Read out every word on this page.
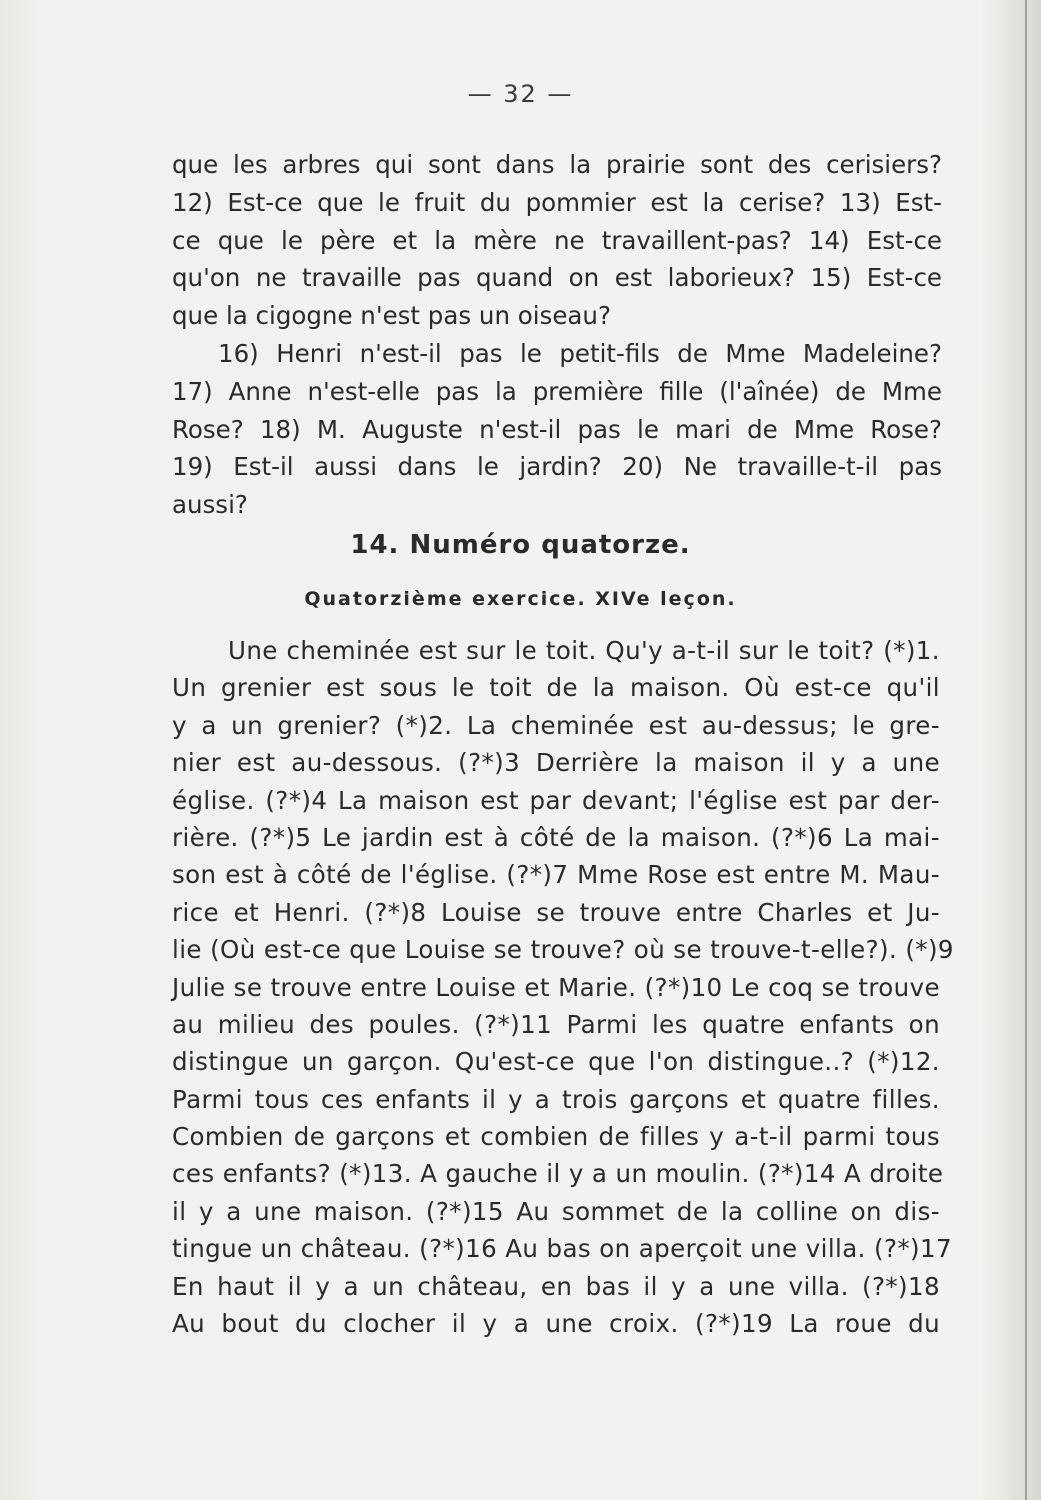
— 32 —
que les arbres qui sont dans la prairie sont des cerisiers?
12) Est-ce que le fruit du pommier est la cerise? 13) Est-
ce que le père et la mère ne travaillent-pas? 14) Est-ce
qu'on ne travaille pas quand on est laborieux? 15) Est-ce
que la cigogne n'est pas un oiseau?
16) Henri n'est-il pas le petit-fils de Mme Madeleine?
17) Anne n'est-elle pas la première fille (l'aînée) de Mme
Rose? 18) M. Auguste n'est-il pas le mari de Mme Rose?
19) Est-il aussi dans le jardin? 20) Ne travaille-t-il pas
aussi?
14. Numéro quatorze.
Quatorzième exercice. XIVe leçon.
Une cheminée est sur le toit. Qu'y a-t-il sur le toit? (*)1.
Un grenier est sous le toit de la maison. Où est-ce qu'il
y a un grenier? (*)2. La cheminée est au-dessus; le gre-
nier est au-dessous. (?*)3 Derrière la maison il y a une
église. (?*)4 La maison est par devant; l'église est par der-
rière. (?*)5 Le jardin est à côté de la maison. (?*)6 La mai-
son est à côté de l'église. (?*)7 Mme Rose est entre M. Mau-
rice et Henri. (?*)8 Louise se trouve entre Charles et Ju-
lie (Où est-ce que Louise se trouve? où se trouve-t-elle?). (*)9
Julie se trouve entre Louise et Marie. (?*)10 Le coq se trouve
au milieu des poules. (?*)11 Parmi les quatre enfants on
distingue un garçon. Qu'est-ce que l'on distingue..? (*)12.
Parmi tous ces enfants il y a trois garçons et quatre filles.
Combien de garçons et combien de filles y a-t-il parmi tous
ces enfants? (*)13. A gauche il y a un moulin. (?*)14 A droite
il y a une maison. (?*)15 Au sommet de la colline on dis-
tingue un château. (?*)16 Au bas on aperçoit une villa. (?*)17
En haut il y a un château, en bas il y a une villa. (?*)18
Au bout du clocher il y a une croix. (?*)19 La roue du
